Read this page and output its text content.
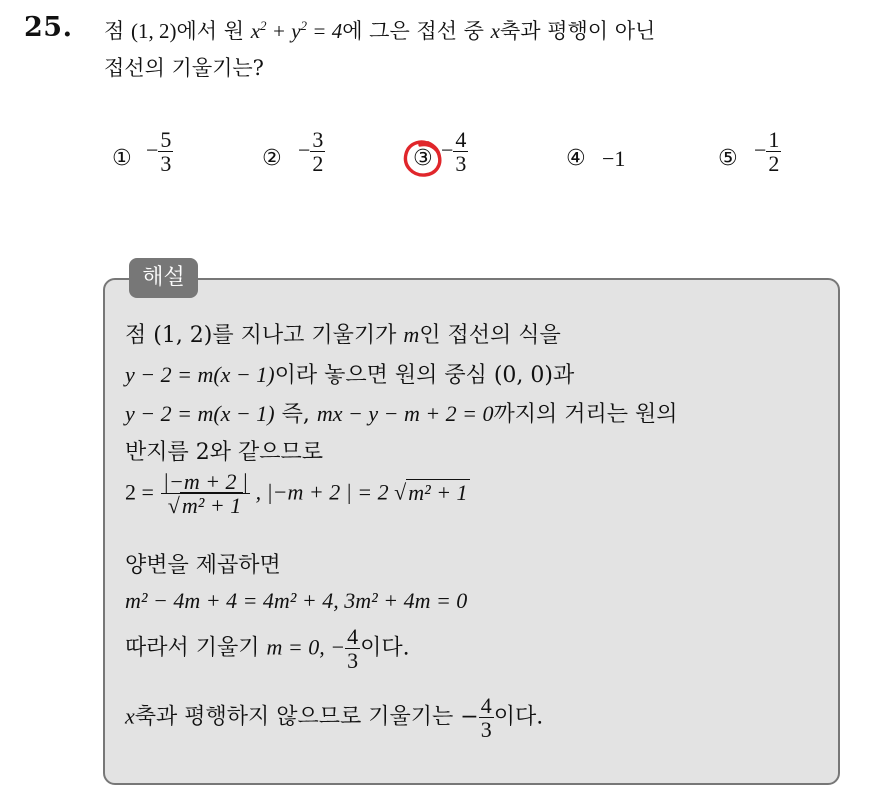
25. 점 (1, 2)에서 원 $x^2 + y^2 = 4$에 그은 접선 중 x축과 평행이 아닌
접선의 기울기는?
① − $\frac{5}{3}$	② − $\frac{3}{2}$	③ − $\frac{4}{3}$	④ −1	⑤ − $\frac{1}{2}$
해설
점 (1, 2)를 지나고 기울기가 m인 접선의 식을
y − 2 = m(x − 1)이라 놓으면 원의 중심 (0, 0)과
y − 2 = m(x − 1) 즉, mx − y − m + 2 = 0까지의 거리는 원의
반지름 2와 같으므로
$2 = \frac{|-m + 2 |}{\text{√m² + 1}}$ , |−m + 2 | = 2 √m² + 1
양변을 제곱하면
m² − 4m + 4 = 4m² + 4, 3m² + 4m = 0
따라서 기울기 m = 0, − $\frac{4}{3}$ 이다.
x축과 평행하지 않으므로 기울기는 − $\frac{4}{3}$ 이다.
